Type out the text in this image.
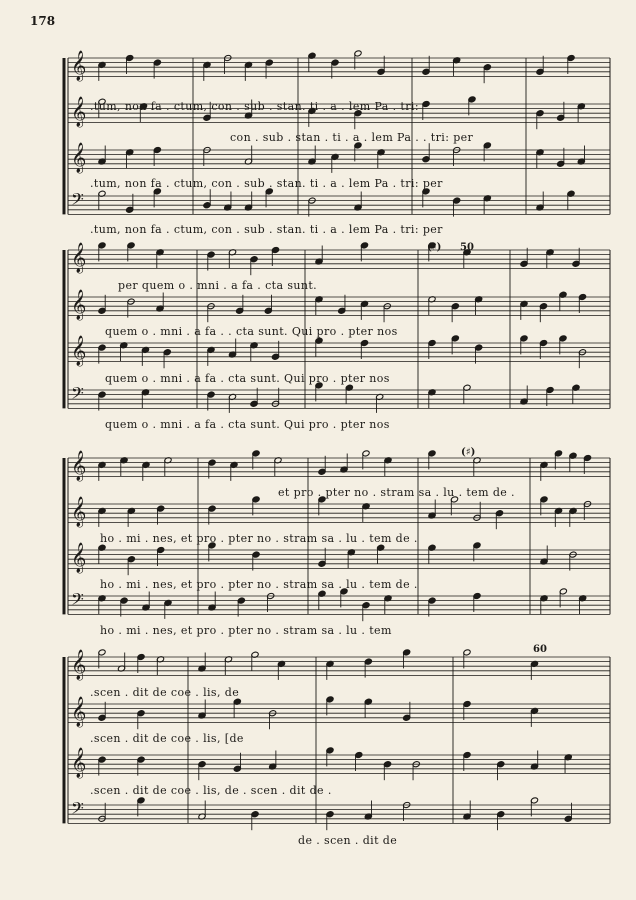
𝄞
𝄞
𝄞
𝄢
𝄞
𝄞
𝄞
𝄢
𝄞
𝄞
𝄞
𝄢
𝄞
𝄞
𝄞
𝄢
178
50
60
(♯)
(♯)
.tum, non fa . ctum, con . sub . stan. ti . a . lem Pa . tri:
con . sub . stan . ti . a . lem Pa . . tri: per
.tum, non fa . ctum, con . sub . stan. ti . a . lem Pa . tri: per
.tum, non fa . ctum, con . sub . stan. ti . a . lem Pa . tri: per
per quem o . mni . a fa . cta sunt.
quem o . mni . a fa . . cta sunt. Qui pro . pter nos
quem o . mni . a fa . cta sunt. Qui pro . pter nos
quem o . mni . a fa . cta sunt. Qui pro . pter nos
et pro . pter no . stram sa . lu . tem de .
ho . mi . nes, et pro . pter no . stram sa . lu . tem de .
ho . mi . nes, et pro . pter no . stram sa . lu . tem de .
ho . mi . nes, et pro . pter no . stram sa . lu . tem
.scen . dit de coe . lis, de
.scen . dit de coe . lis, [de
.scen . dit de coe . lis, de . scen . dit de .
de . scen . dit de
